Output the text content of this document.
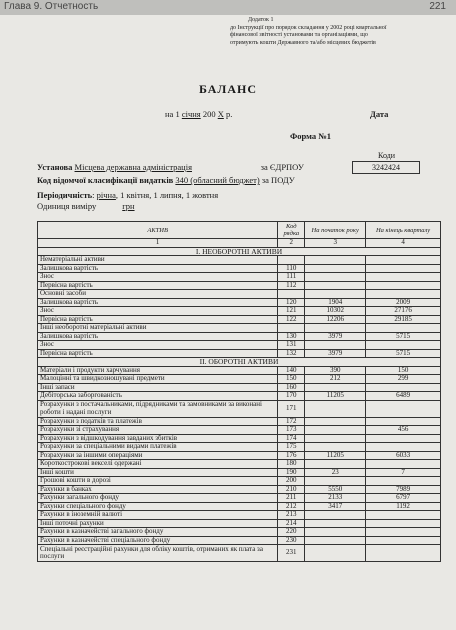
Глава 9. Отчетность	221
Додаток 1
до Інструкції про порядок складання у 2002 році квартальної
фінансової звітності установами та організаціями, що
отримують кошти Державного та/або місцевих бюджетів
БАЛАНС
на 1 січня 200 X р.	Дата
Форма №1
Коди
3242424
Установа Місцева державна адміністрація	за ЄДРПОУ
Код відомчої класифікації видатків 340 (обласний бюджет) за ПОДУ
Періодичність: річна, 1 квітня, 1 липня, 1 жовтня
Одиниця виміру	грн
АКТИВ	Код рядка	На початок року	На кінець кварталу
1	2	3	4
I. НЕОБОРОТНІ АКТИВИ			
Нематеріальні активи			
Залишкова вартість	110		
Знос	111		
Первісна вартість	112		
Основні засоби			
Залишкова вартість	120	1904	2009
Знос	121	10302	27176
Первісна вартість	122	12206	29185
Інші необоротні матеріальні активи			
Залишкова вартість	130	3979	5715
Знос	131		
Первісна вартість	132	3979	5715
II. ОБОРОТНІ АКТИВИ			
Матеріали і продукти харчування	140	390	150
Малоцінні та швидкозношувані предмети	150	212	299
Інші запаси	160		
Дебіторська заборгованість	170	11205	6489
Розрахунки з постачальниками, підрядниками та замовниками за виконані роботи і надані послуги	171		
Розрахунки з податків та платежів	172		
Розрахунки зі страхування	173		456
Розрахунки з відшкодування завданих збитків	174		
Розрахунки за спеціальними видами платежів	175		
Розрахунки за іншими операціями	176	11205	6033
Короткострокові векселі одержані	180		
Інші кошти	190	23	7
Грошові кошти в дорозі	200		
Рахунки в банках	210	5550	7989
Рахунки загального фонду	211	2133	6797
Рахунки спеціального фонду	212	3417	1192
Рахунки в іноземній валюті	213		
Інші поточні рахунки	214		
Рахунки в казначействі загального фонду	220		
Рахунки в казначействі спеціального фонду	230		
Спеціальні реєстраційні рахунки для обліку коштів, отриманих як плата за послуги	231		
